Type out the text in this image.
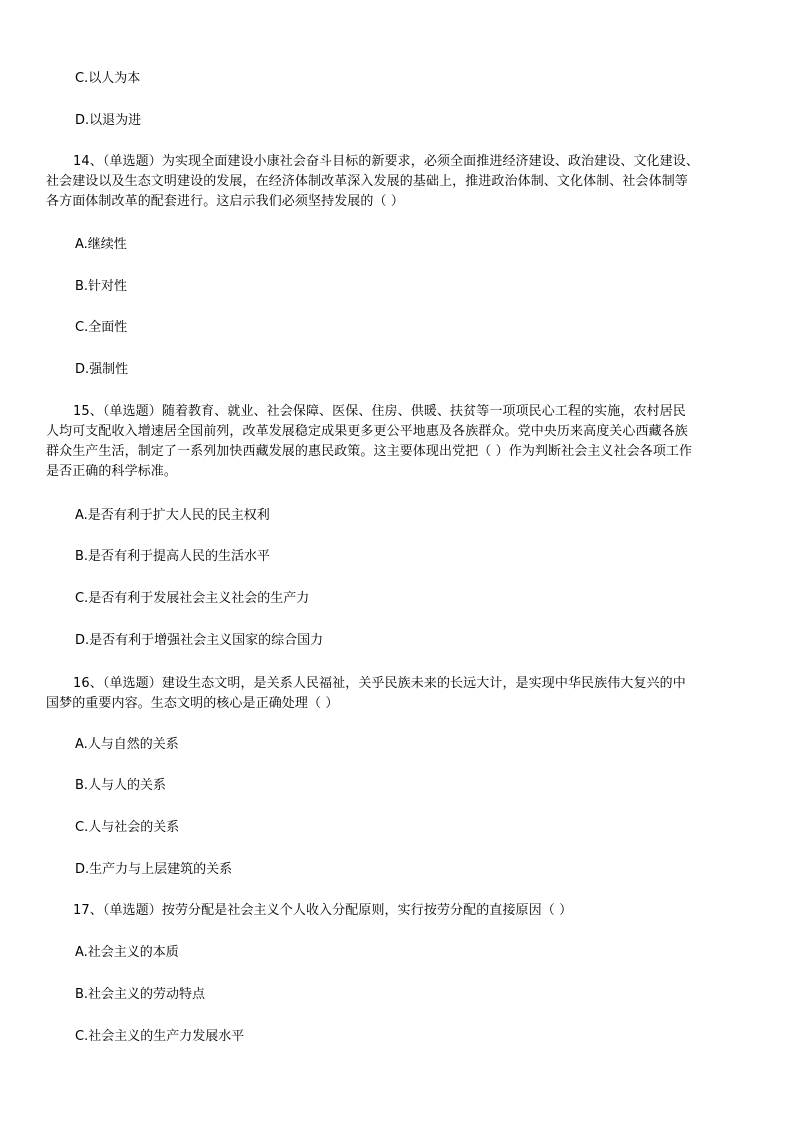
C.以人为本
D.以退为进
14、（单选题）为实现全面建设小康社会奋斗目标的新要求，必须全面推进经济建设、政治建设、文化建设、
社会建设以及生态文明建设的发展，在经济体制改革深入发展的基础上，推进政治体制、文化体制、社会体制等
各方面体制改革的配套进行。这启示我们必须坚持发展的（ ）
A.继续性
B.针对性
C.全面性
D.强制性
15、（单选题）随着教育、就业、社会保障、医保、住房、供暖、扶贫等一项项民心工程的实施，农村居民
人均可支配收入增速居全国前列，改革发展稳定成果更多更公平地惠及各族群众。党中央历来高度关心西藏各族
群众生产生活，制定了一系列加快西藏发展的惠民政策。这主要体现出党把（ ）作为判断社会主义社会各项工作
是否正确的科学标准。
A.是否有利于扩大人民的民主权利
B.是否有利于提高人民的生活水平
C.是否有利于发展社会主义社会的生产力
D.是否有利于增强社会主义国家的综合国力
16、（单选题）建设生态文明，是关系人民福祉，关乎民族未来的长远大计，是实现中华民族伟大复兴的中
国梦的重要内容。生态文明的核心是正确处理（ ）
A.人与自然的关系
B.人与人的关系
C.人与社会的关系
D.生产力与上层建筑的关系
17、（单选题）按劳分配是社会主义个人收入分配原则，实行按劳分配的直接原因（ ）
A.社会主义的本质
B.社会主义的劳动特点
C.社会主义的生产力发展水平
